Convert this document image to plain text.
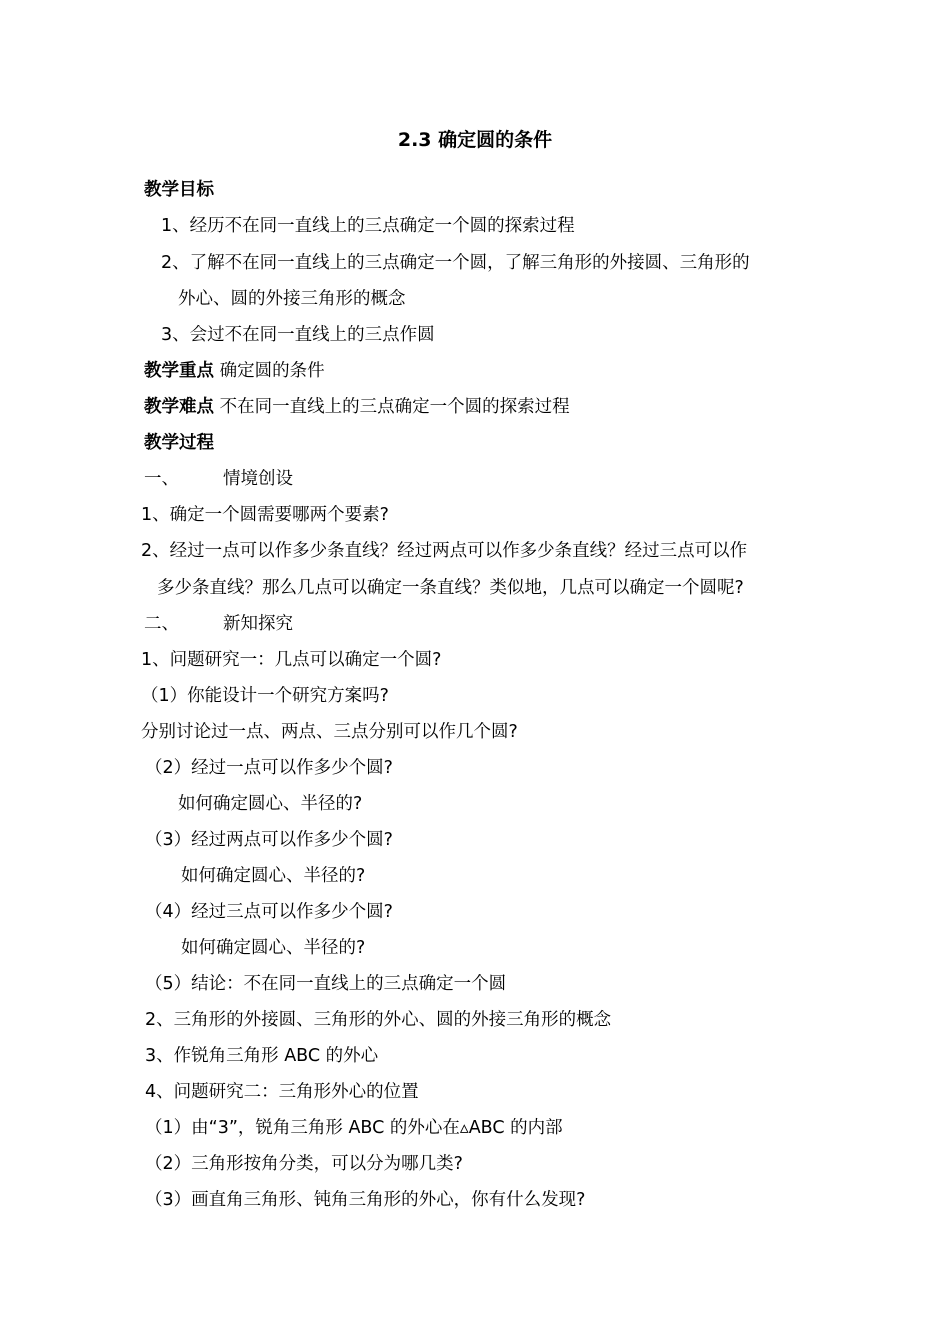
2.3 确定圆的条件
教学目标
1、经历不在同一直线上的三点确定一个圆的探索过程
2、了解不在同一直线上的三点确定一个圆，了解三角形的外接圆、三角形的
外心、圆的外接三角形的概念
3、会过不在同一直线上的三点作圆
教学重点 确定圆的条件
教学难点 不在同一直线上的三点确定一个圆的探索过程
教学过程
一、	情境创设
1、确定一个圆需要哪两个要素?
2、经过一点可以作多少条直线？经过两点可以作多少条直线？经过三点可以作
多少条直线？那么几点可以确定一条直线？类似地，几点可以确定一个圆呢?
二、	新知探究
1、问题研究一：几点可以确定一个圆?
（1）你能设计一个研究方案吗?
分别讨论过一点、两点、三点分别可以作几个圆?
（2）经过一点可以作多少个圆?
如何确定圆心、半径的?
（3）经过两点可以作多少个圆?
如何确定圆心、半径的?
（4）经过三点可以作多少个圆?
如何确定圆心、半径的?
（5）结论：不在同一直线上的三点确定一个圆
2、三角形的外接圆、三角形的外心、圆的外接三角形的概念
3、作锐角三角形 ABC 的外心
4、问题研究二：三角形外心的位置
（1）由“3”，锐角三角形 ABC 的外心在▵ABC 的内部
（2）三角形按角分类，可以分为哪几类?
（3）画直角三角形、钝角三角形的外心，你有什么发现?
